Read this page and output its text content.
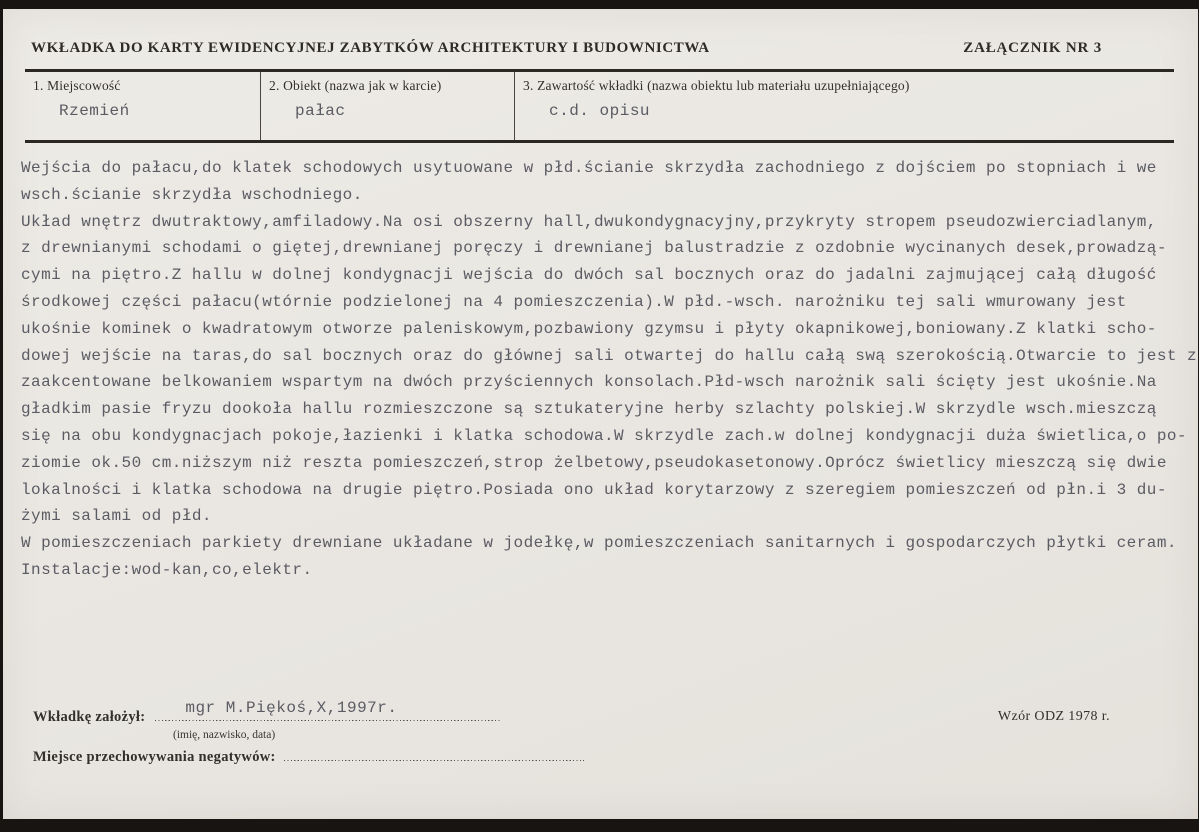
WKŁADKA DO KARTY EWIDENCYJNEJ ZABYTKÓW ARCHITEKTURY I BUDOWNICTWA	ZAŁĄCZNIK NR 3
1. Miejscowość
Rzemień
2. Obiekt (nazwa jak w karcie)
pałac
3. Zawartość wkładki (nazwa obiektu lub materiału uzupełniającego)
c.d. opisu
Wejścia do pałacu,do klatek schodowych usytuowane w płd.ścianie skrzydła zachodniego z dojściem po stopniach i we
wsch.ścianie skrzydła wschodniego.
Układ wnętrz dwutraktowy,amfiladowy.Na osi obszerny hall,dwukondygnacyjny,przykryty stropem pseudozwierciadlanym,
z drewnianymi schodami o giętej,drewnianej poręczy i drewnianej balustradzie z ozdobnie wycinanych desek,prowadzą-
cymi na piętro.Z hallu w dolnej kondygnacji wejścia do dwóch sal bocznych oraz do jadalni zajmującej całą długość
środkowej części pałacu(wtórnie podzielonej na 4 pomieszczenia).W płd.-wsch. narożniku tej sali wmurowany jest
ukośnie kominek o kwadratowym otworze paleniskowym,pozbawiony gzymsu i płyty okapnikowej,boniowany.Z klatki scho-
dowej wejście na taras,do sal bocznych oraz do głównej sali otwartej do hallu całą swą szerokością.Otwarcie to jest z
zaakcentowane belkowaniem wspartym na dwóch przyściennych konsolach.Płd-wsch narożnik sali ścięty jest ukośnie.Na
gładkim pasie fryzu dookoła hallu rozmieszczone są sztukateryjne herby szlachty polskiej.W skrzydle wsch.mieszczą
się na obu kondygnacjach pokoje,łazienki i klatka schodowa.W skrzydle zach.w dolnej kondygnacji duża świetlica,o po-
ziomie ok.50 cm.niższym niż reszta pomieszczeń,strop żelbetowy,pseudokasetonowy.Oprócz świetlicy mieszczą się dwie
lokalności i klatka schodowa na drugie piętro.Posiada ono układ korytarzowy z szeregiem pomieszczeń od płn.i 3 du-
żymi salami od płd.
W pomieszczeniach parkiety drewniane układane w jodełkę,w pomieszczeniach sanitarnych i gospodarczych płytki ceram.
Instalacje:wod-kan,co,elektr.
Wkładkę założył:	mgr M.Piękoś,X,1997r.
(imię, nazwisko, data)
Miejsce przechowywania negatywów:
Wzór ODZ 1978 r.
